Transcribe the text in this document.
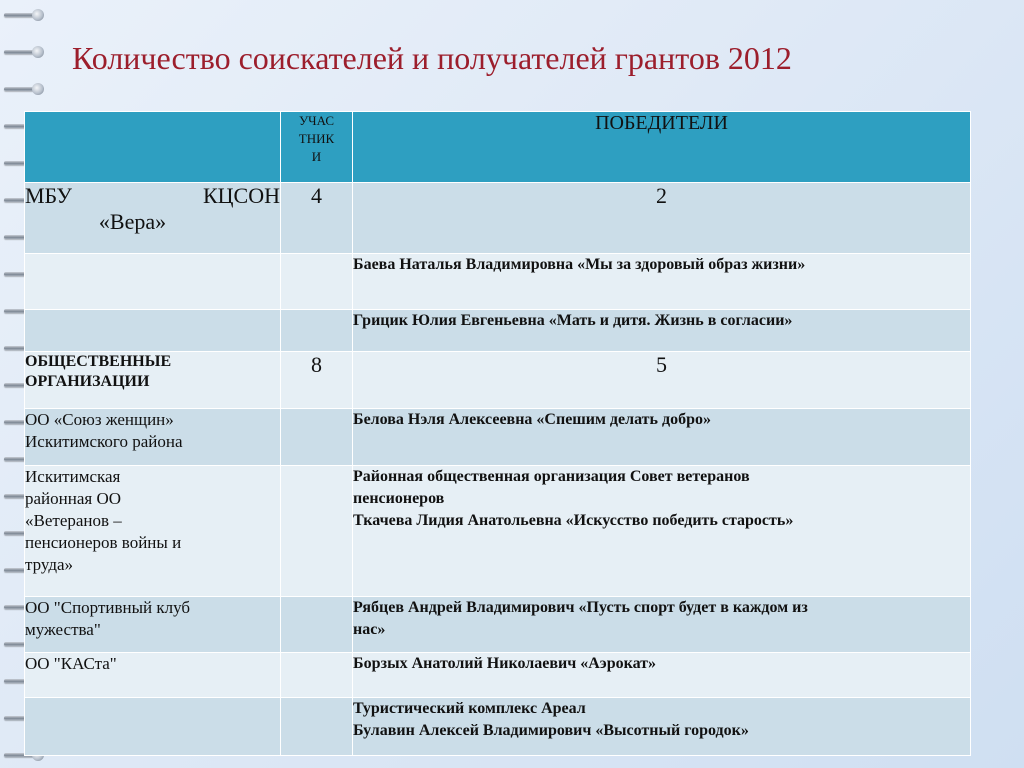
Количество соискателей и получателей грантов 2012

	УЧАС
ТНИК
И	ПОБЕДИТЕЛИ

МБУ КЦСОН
«Вера»	4	2
		Баева Наталья Владимировна «Мы за здоровый образ жизни»
		Грицик Юлия Евгеньевна «Мать и дитя. Жизнь в согласии»

ОБЩЕСТВЕННЫЕ
ОРГАНИЗАЦИИ	8	5

ОО «Союз женщин»
Искитимского района		Белова Нэля Алексеевна «Спешим делать добро»

Искитимская
районная ОО
«Ветеранов –
пенсионеров войны и
труда»		Районная общественная организация Совет ветеранов
пенсионеров
Ткачева Лидия Анатольевна «Искусство победить старость»

ОО "Спортивный клуб
мужества"		Рябцев Андрей Владимирович «Пусть спорт будет в каждом из
нас»

ОО "КАСта"		Борзых Анатолий Николаевич «Аэрокат»

		Туристический комплекс Ареал
Булавин Алексей Владимирович «Высотный городок»
